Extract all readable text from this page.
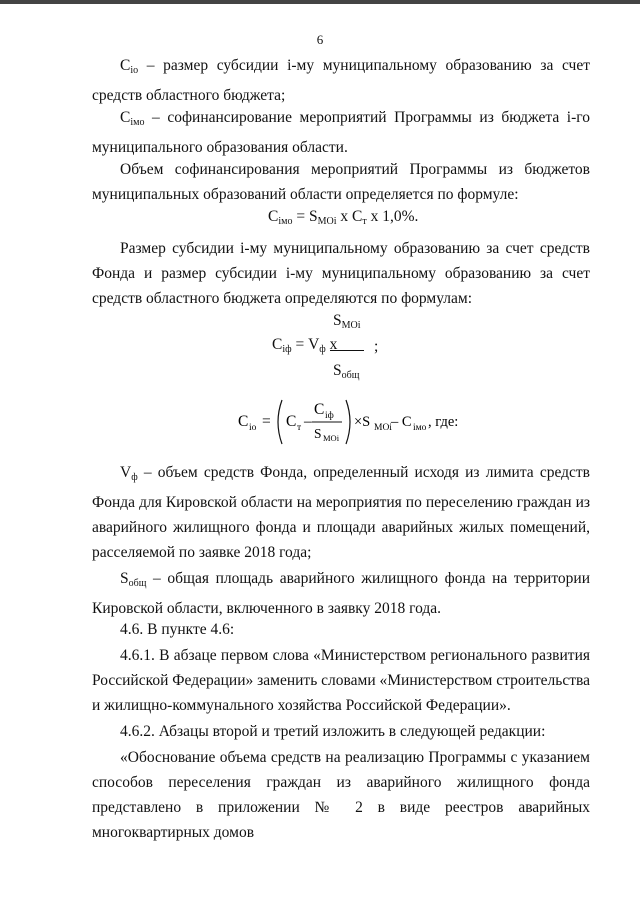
6

$С_{iо}$ – размер субсидии i-му муниципальному образованию за счет средств областного бюджета;

$С_{iмо}$ – софинансирование мероприятий Программы из бюджета i-го муниципального образования области.

Объем софинансирования мероприятий Программы из бюджетов муниципальных образований области определяется по формуле:

$С_{iмо} = S_{МОi}$ x $С_т$ x 1,0%.

Размер субсидии i-му муниципальному образованию за счет средств Фонда и размер субсидии i-му муниципальному образованию за счет средств областного бюджета определяются по формулам:

$S_{МОi}$
$С_{iф} = V_ф$ x ;
$S_{общ}$
С iо = С т –
С iф
S МОi
×S МОi – С iмо , где:

$V_ф$ – объем средств Фонда, определенный исходя из лимита средств Фонда для Кировской области на мероприятия по переселению граждан из аварийного жилищного фонда и площади аварийных жилых помещений, расселяемой по заявке 2018 года;

$S_{общ}$ – общая площадь аварийного жилищного фонда на территории Кировской области, включенного в заявку 2018 года.

4.6. В пункте 4.6:

4.6.1. В абзаце первом слова «Министерством регионального развития Российской Федерации» заменить словами «Министерством строительства и жилищно-коммунального хозяйства Российской Федерации».

4.6.2. Абзацы второй и третий изложить в следующей редакции:

«Обоснование объема средств на реализацию Программы с указанием способов переселения граждан из аварийного жилищного фонда представлено в приложении № 2 в виде реестров аварийных многоквартирных домов
